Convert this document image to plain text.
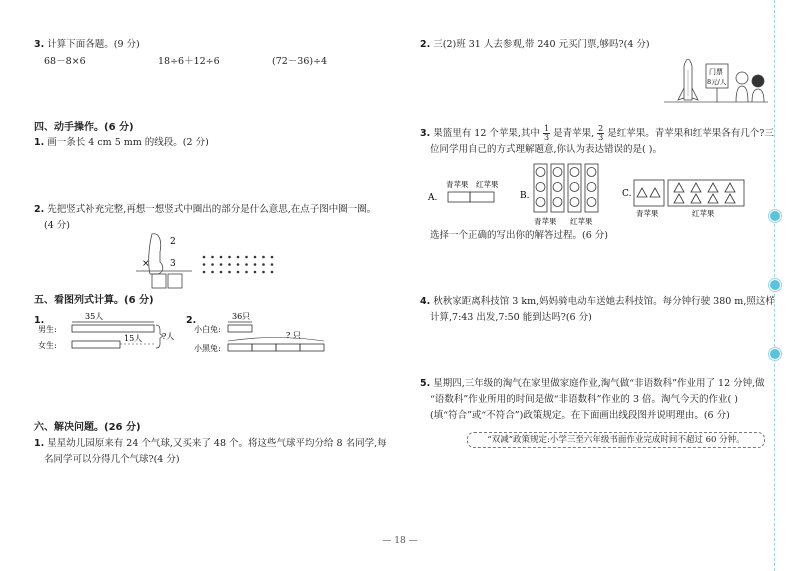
3. 计算下面各题。(9 分)
68－8×6	18÷6＋12÷6	(72－36)÷4
四、动手操作。(6 分)
1. 画一条长 4 cm 5 mm 的线段。(2 分)
2. 先把竖式补充完整,再想一想竖式中圈出的部分是什么意思,在点子图中圈一圈。
(4 分)
2
× 3
五、看图列式计算。(6 分)
1.	35人
男生:
女生:
15人 ?人
2.	36只
小白兔:
小黑兔:
? 只
六、解决问题。(26 分)
1. 星星幼儿园原来有 24 个气球,又买来了 48 个。将这些气球平均分给 8 名同学,每
名同学可以分得几个气球?(4 分)
2. 三(2)班 31 人去参观,带 240 元买门票,够吗?(4 分)
门票
8元/人
3. 果篮里有 12 个苹果,其中 $\frac{1}{3}$ 是青苹果, $\frac{2}{3}$ 是红苹果。青苹果和红苹果各有几个?三
位同学用自己的方式理解题意,你认为表达错误的是( )。
A.
青苹果 红苹果
B.
青苹果 红苹果
C.
青苹果	红苹果
选择一个正确的写出你的解答过程。(6 分)
4. 秋秋家距离科技馆 3 km,妈妈骑电动车送她去科技馆。每分钟行驶 380 m,照这样
计算,7:43 出发,7:50 能到达吗?(6 分)
5. 星期四,三年级的淘气在家里做家庭作业,淘气做“非语数科”作业用了 12 分钟,做
“语数科”作业所用的时间是做“非语数科”作业的 3 倍。淘气今天的作业( )
(填“符合”或“不符合”)政策规定。在下面画出线段图并说明理由。(6 分)
“双减”政策规定:小学三至六年级书面作业完成时间不超过 60 分钟。
— 18 —
